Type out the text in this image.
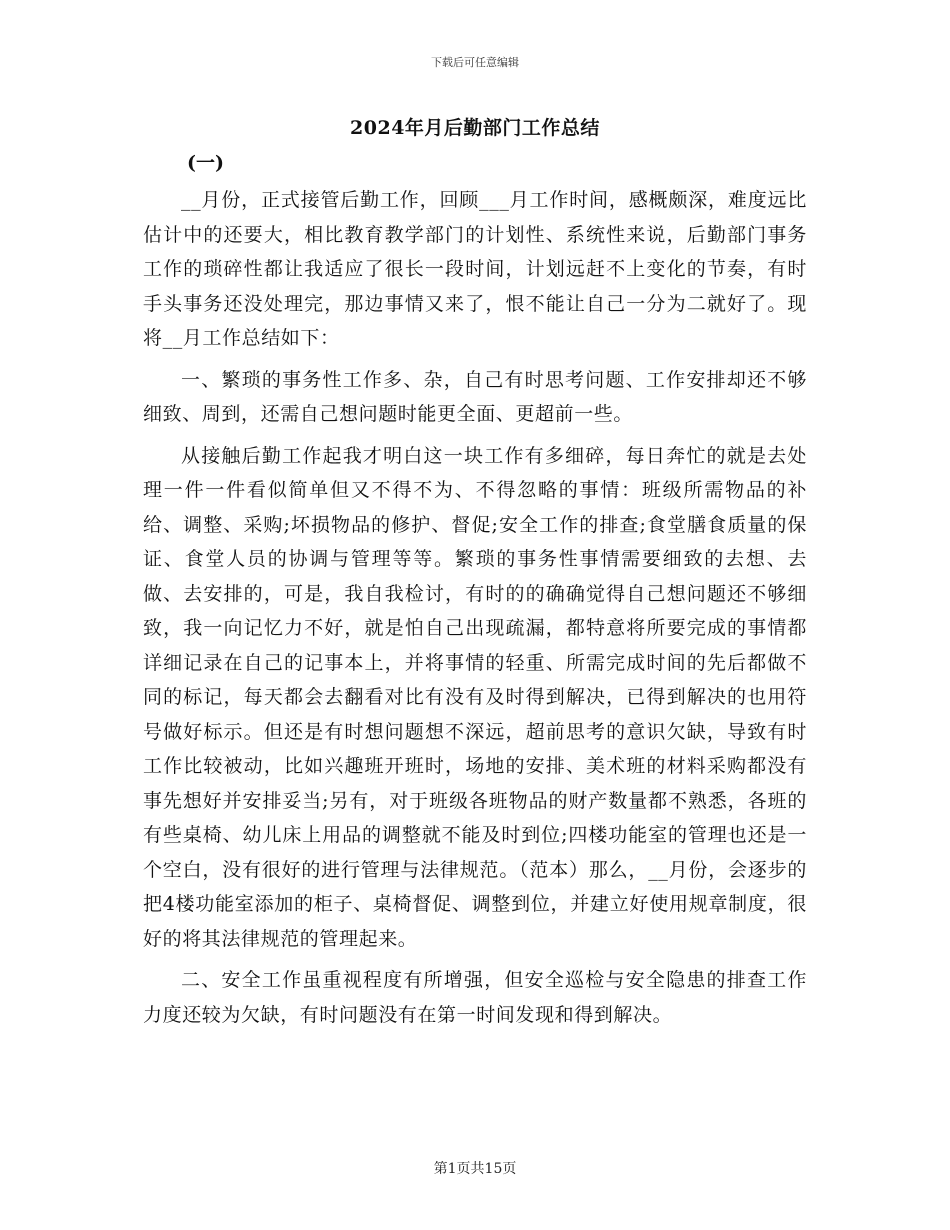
下载后可任意编辑
2024年月后勤部门工作总结
(一)

__月份，正式接管后勤工作，回顾___月工作时间，感概颇深，难度远比估计中的还要大，相比教育教学部门的计划性、系统性来说，后勤部门事务工作的琐碎性都让我适应了很长一段时间，计划远赶不上变化的节奏，有时手头事务还没处理完，那边事情又来了，恨不能让自己一分为二就好了。现将__月工作总结如下：

一、繁琐的事务性工作多、杂，自己有时思考问题、工作安排却还不够细致、周到，还需自己想问题时能更全面、更超前一些。

从接触后勤工作起我才明白这一块工作有多细碎，每日奔忙的就是去处理一件一件看似简单但又不得不为、不得忽略的事情：班级所需物品的补给、调整、采购;坏损物品的修护、督促;安全工作的排查;食堂膳食质量的保证、食堂人员的协调与管理等等。繁琐的事务性事情需要细致的去想、去做、去安排的，可是，我自我检讨，有时的的确确觉得自己想问题还不够细致，我一向记忆力不好，就是怕自己出现疏漏，都特意将所要完成的事情都详细记录在自己的记事本上，并将事情的轻重、所需完成时间的先后都做不同的标记，每天都会去翻看对比有没有及时得到解决，已得到解决的也用符号做好标示。但还是有时想问题想不深远，超前思考的意识欠缺，导致有时工作比较被动，比如兴趣班开班时，场地的安排、美术班的材料采购都没有事先想好并安排妥当;另有，对于班级各班物品的财产数量都不熟悉，各班的有些桌椅、幼儿床上用品的调整就不能及时到位;四楼功能室的管理也还是一个空白，没有很好的进行管理与法律规范。（范本）那么，__月份，会逐步的把4楼功能室添加的柜子、桌椅督促、调整到位，并建立好使用规章制度，很好的将其法律规范的管理起来。

二、安全工作虽重视程度有所增强，但安全巡检与安全隐患的排查工作力度还较为欠缺，有时问题没有在第一时间发现和得到解决。

第1页共15页
